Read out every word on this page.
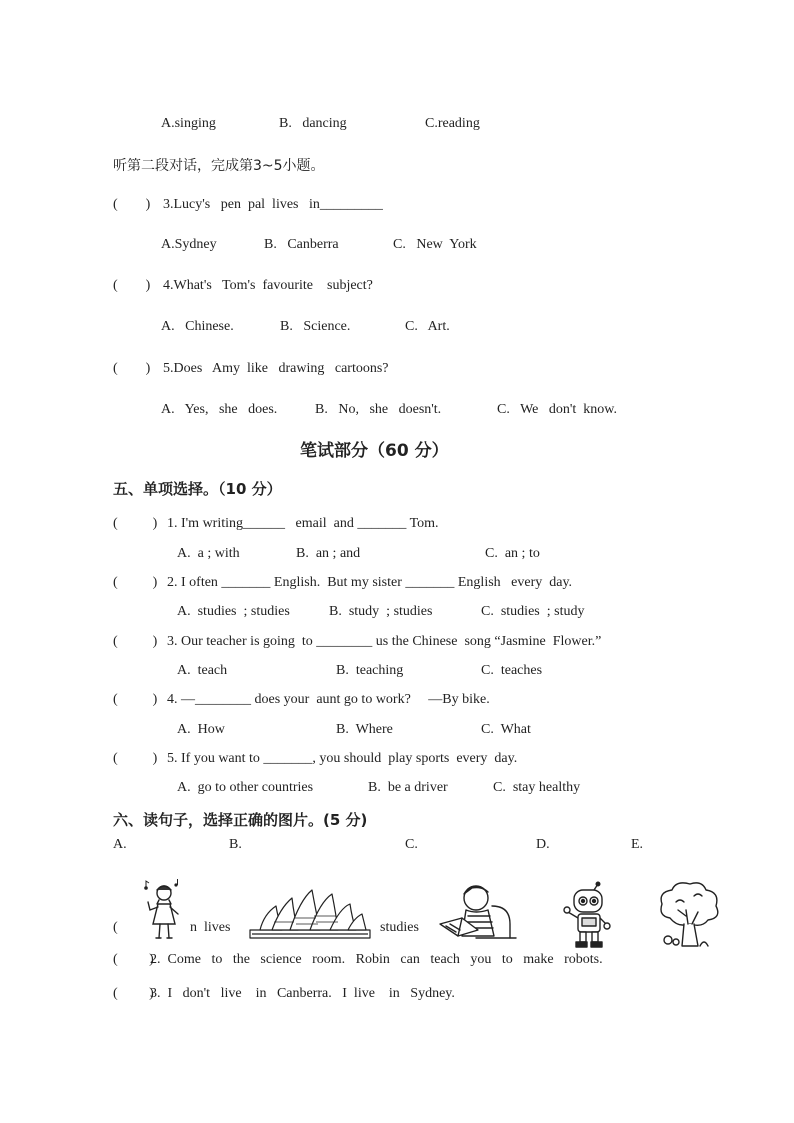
A.singing	B.   dancing	C.reading
听第二段对话，完成第3~5小题。
(        ) 3.Lucy's   pen  pal  lives   in_________
A.Sydney	B.   Canberra	C.   New  York
(        ) 4.What's   Tom's  favourite    subject?
A.   Chinese.	B.   Science.	C.   Art.
(        ) 5.Does   Amy  like   drawing   cartoons?
A.   Yes,   she   does.	B.   No,   she   doesn't.	C.   We   don't  know.
笔试部分（60 分）
五、单项选择。（10 分）
(          ) 1. I'm writing______   email  and _______ Tom.
A.  a ; with	B.  an ; and	C.  an ; to
(          ) 2. I often _______ English.  But my sister _______ English   every  day.
A.  studies  ; studies	B.  study  ; studies	C.  studies  ; study
(          ) 3. Our teacher is going  to ________ us the Chinese  song “Jasmine  Flower.”
A.  teach	B.  teaching	C.  teaches
(          ) 4. —________ does your  aunt go to work?     —By bike.
A.  How	B.  Where	C.  What
(          ) 5. If you want to _______, you should  play sports  every  day.
A.  go to other countries	B.  be a driver	C.  stay healthy
六、读句子，选择正确的图片。(5 分)
A.	B.	C.	D.	E.
(	n  lives	studies
(         )
2.  Come   to   the   science   room.   Robin   can   teach   you   to   make   robots.
(         )
3.  I   don't   live    in   Canberra.   I  live    in   Sydney.
